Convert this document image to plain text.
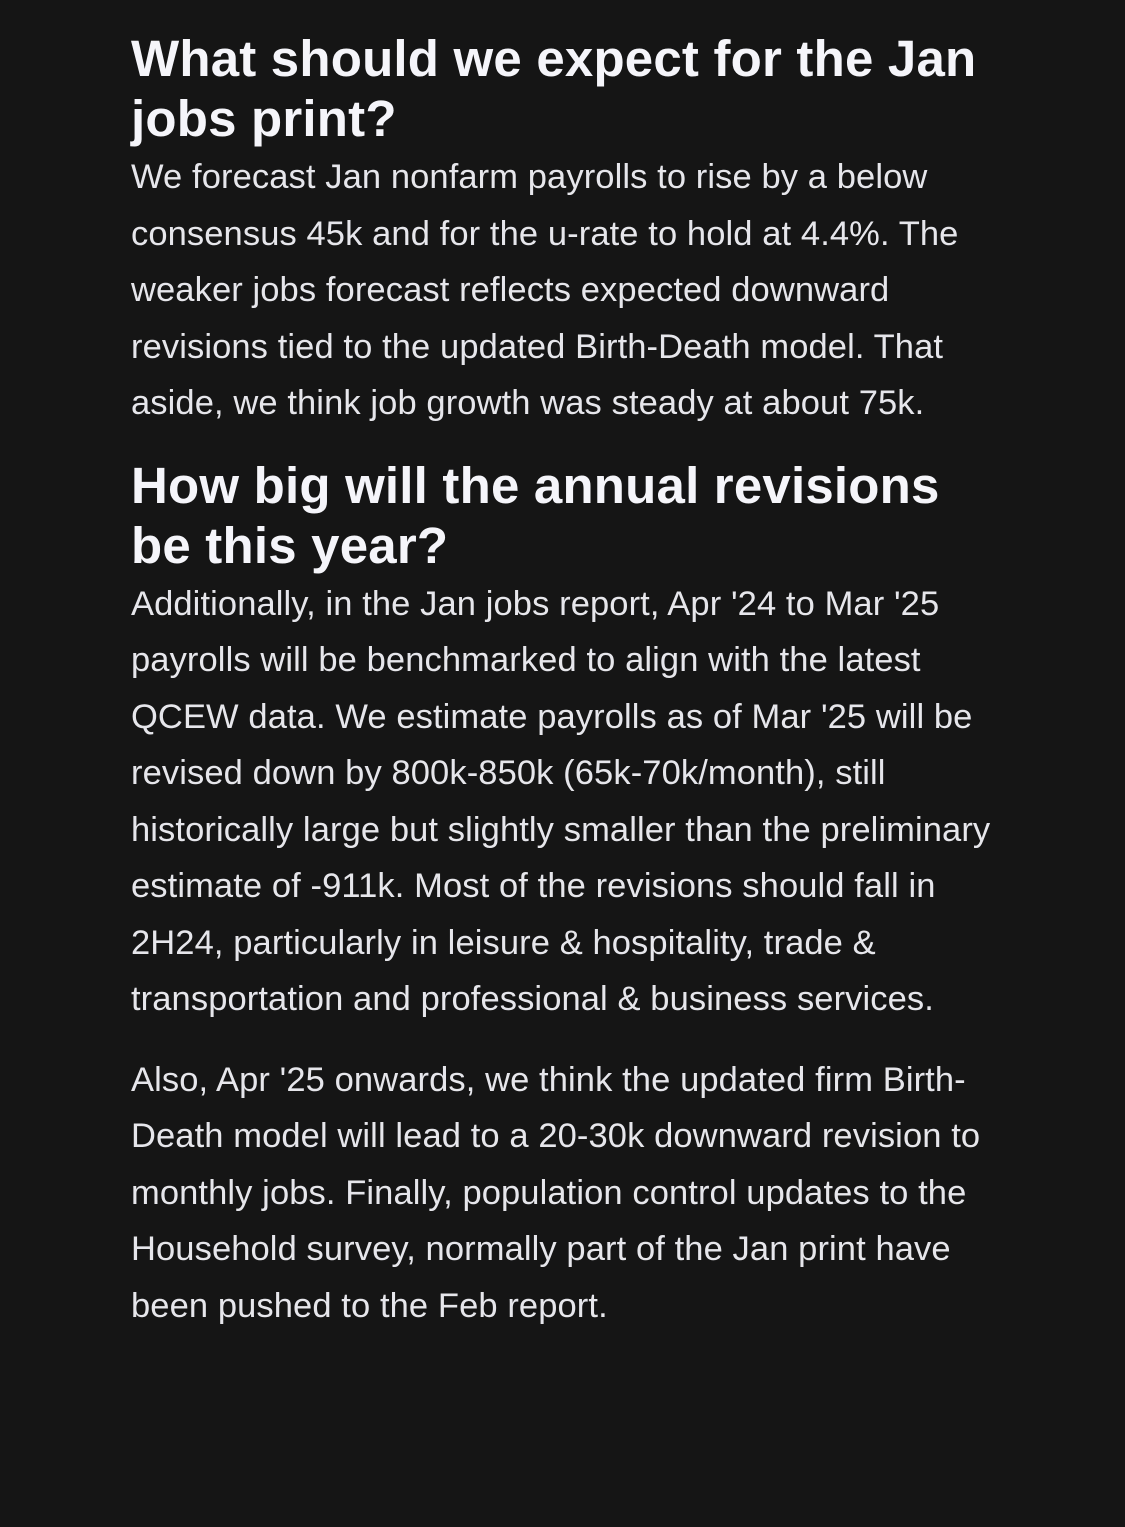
What should we expect for the Jan jobs print?

We forecast Jan nonfarm payrolls to rise by a below consensus 45k and for the u-rate to hold at 4.4%. The weaker jobs forecast reflects expected downward revisions tied to the updated Birth-Death model. That aside, we think job growth was steady at about 75k.

How big will the annual revisions be this year?

Additionally, in the Jan jobs report, Apr '24 to Mar '25 payrolls will be benchmarked to align with the latest QCEW data. We estimate payrolls as of Mar '25 will be revised down by 800k-850k (65k-70k/month), still historically large but slightly smaller than the preliminary estimate of -911k. Most of the revisions should fall in 2H24, particularly in leisure & hospitality, trade & transportation and professional & business services.

Also, Apr '25 onwards, we think the updated firm Birth-Death model will lead to a 20-30k downward revision to monthly jobs. Finally, population control updates to the Household survey, normally part of the Jan print have been pushed to the Feb report.
